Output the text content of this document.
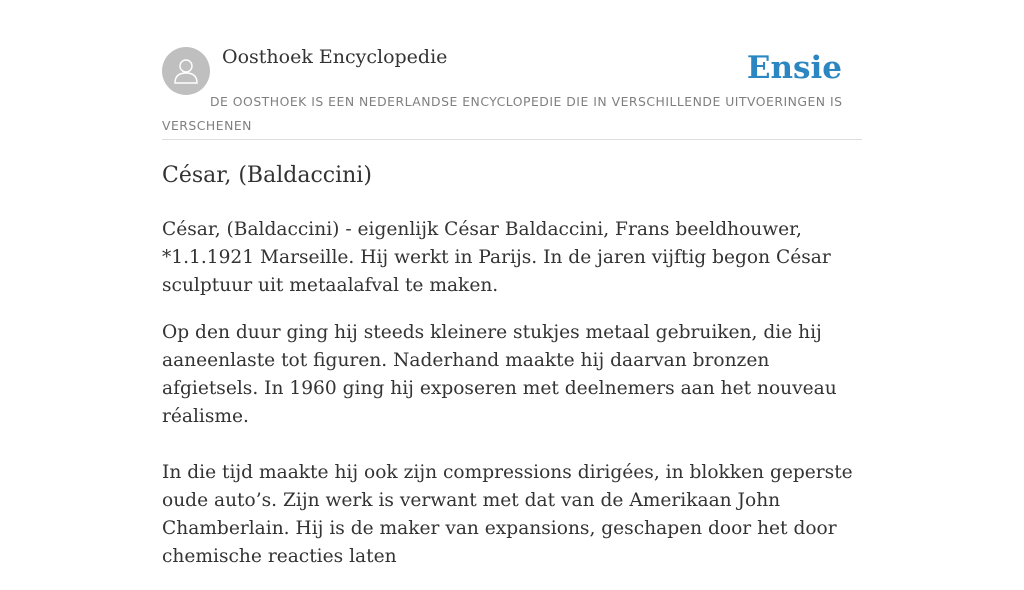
Oosthoek Encyclopedie	Ensie
DE OOSTHOEK IS EEN NEDERLANDSE ENCYCLOPEDIE DIE IN VERSCHILLENDE UITVOERINGEN IS VERSCHENEN
César, (Baldaccini)

César, (Baldaccini) - eigenlijk César Baldaccini, Frans beeldhouwer, *1.1.1921 Marseille. Hij werkt in Parijs. In de jaren vijftig begon César sculptuur uit metaalafval te maken.

Op den duur ging hij steeds kleinere stukjes metaal gebruiken, die hij aaneenlaste tot figuren. Naderhand maakte hij daarvan bronzen afgietsels. In 1960 ging hij exposeren met deelnemers aan het nouveau réalisme.

In die tijd maakte hij ook zijn compressions dirigées, in blokken geperste oude auto’s. Zijn werk is verwant met dat van de Amerikaan John Chamberlain. Hij is de maker van expansions, geschapen door het door chemische reacties laten
